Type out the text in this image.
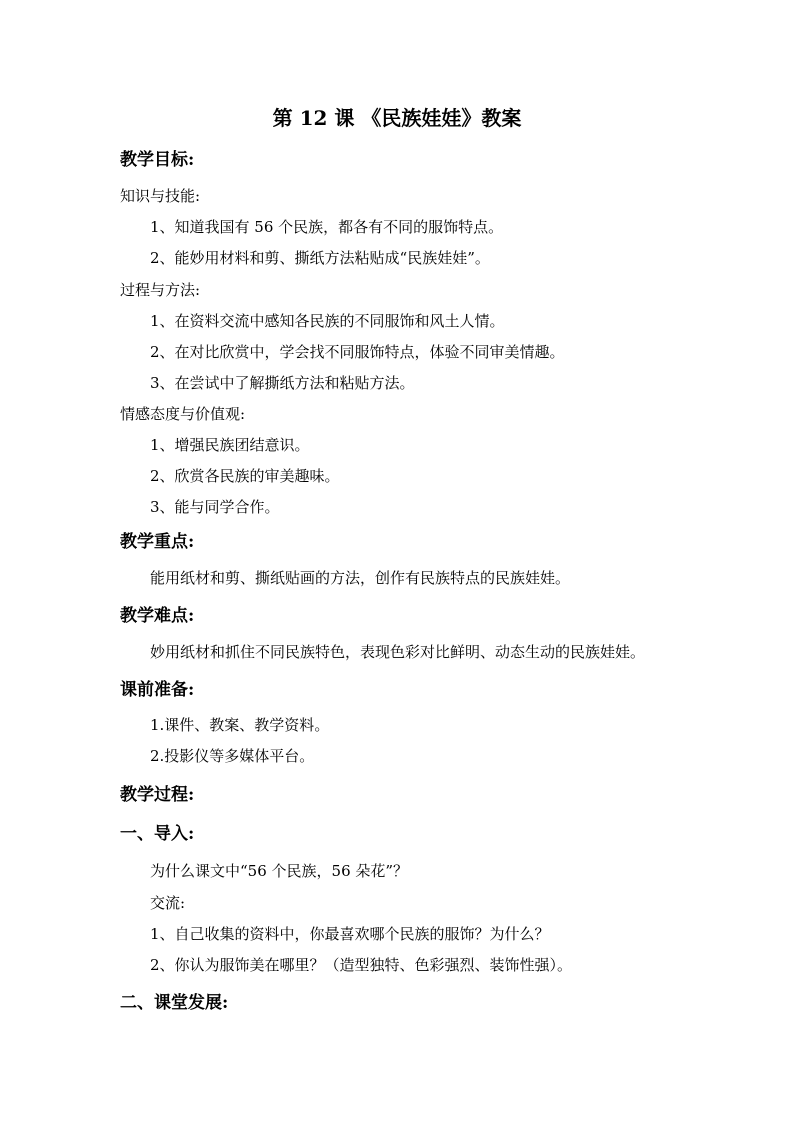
第 12 课 《民族娃娃》教案
教学目标:
知识与技能:
1、知道我国有 56 个民族，都各有不同的服饰特点。
2、能妙用材料和剪、撕纸方法粘贴成“民族娃娃”。
过程与方法:
1、在资料交流中感知各民族的不同服饰和风土人情。
2、在对比欣赏中，学会找不同服饰特点，体验不同审美情趣。
3、在尝试中了解撕纸方法和粘贴方法。
情感态度与价值观:
1、增强民族团结意识。
2、欣赏各民族的审美趣味。
3、能与同学合作。
教学重点:
能用纸材和剪、撕纸贴画的方法，创作有民族特点的民族娃娃。
教学难点:
妙用纸材和抓住不同民族特色，表现色彩对比鲜明、动态生动的民族娃娃。
课前准备:
1.课件、教案、教学资料。
2.投影仪等多媒体平台。
教学过程:
一、导入:
为什么课文中“56 个民族，56 朵花”？
交流:
1、自己收集的资料中，你最喜欢哪个民族的服饰？为什么？
2、你认为服饰美在哪里？（造型独特、色彩强烈、装饰性强）。
二、课堂发展:
